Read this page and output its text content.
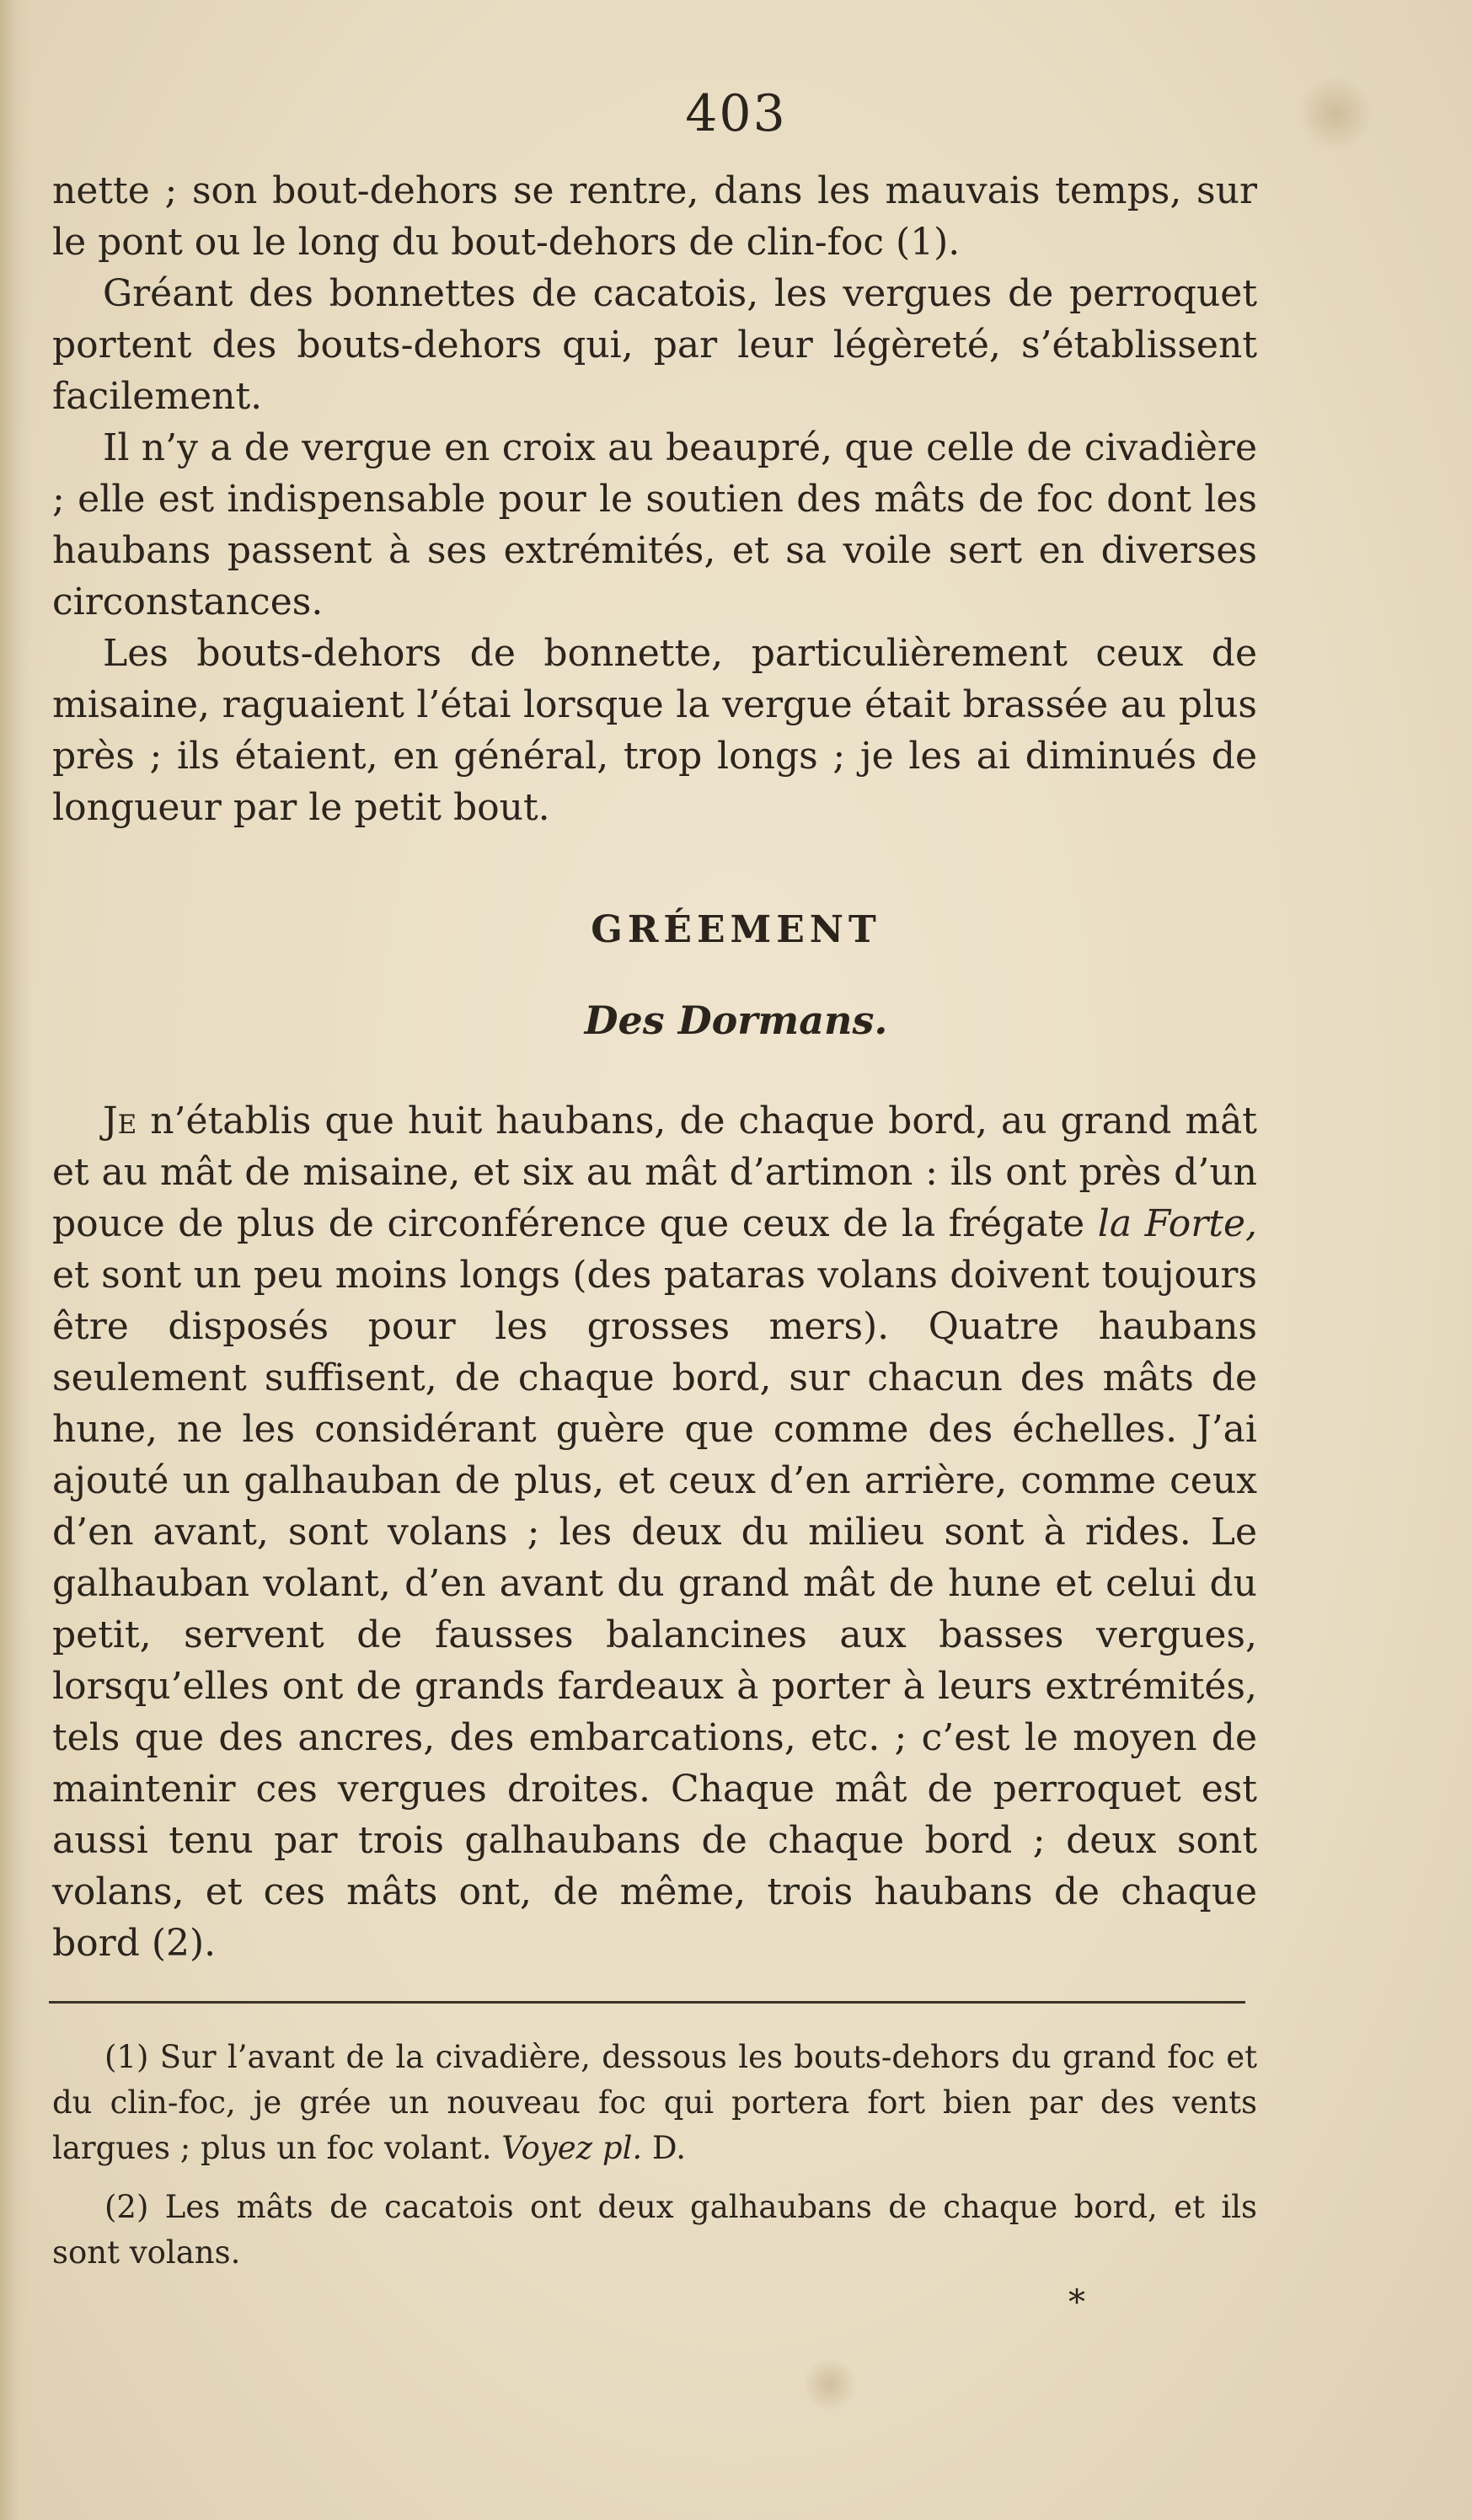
403

nette ; son bout-dehors se rentre, dans les mauvais temps, sur le pont ou le long du bout-dehors de clin-foc (1).

Gréant des bonnettes de cacatois, les vergues de perroquet portent des bouts-dehors qui, par leur légèreté, s’établissent facilement.

Il n’y a de vergue en croix au beaupré, que celle de civadière ; elle est indispensable pour le soutien des mâts de foc dont les haubans passent à ses extrémités, et sa voile sert en diverses circonstances.

Les bouts-dehors de bonnette, particulièrement ceux de misaine, raguaient l’étai lorsque la vergue était brassée au plus près ; ils étaient, en général, trop longs ; je les ai diminués de longueur par le petit bout.

GRÉEMENT
Des Dormans.

Je n’établis que huit haubans, de chaque bord, au grand mât et au mât de misaine, et six au mât d’artimon : ils ont près d’un pouce de plus de circonférence que ceux de la frégate la Forte, et sont un peu moins longs (des pataras volans doivent toujours être disposés pour les grosses mers). Quatre haubans seulement suffisent, de chaque bord, sur chacun des mâts de hune, ne les considérant guère que comme des échelles. J’ai ajouté un galhauban de plus, et ceux d’en arrière, comme ceux d’en avant, sont volans ; les deux du milieu sont à rides. Le galhauban volant, d’en avant du grand mât de hune et celui du petit, servent de fausses balancines aux basses vergues, lorsqu’elles ont de grands fardeaux à porter à leurs extrémités, tels que des ancres, des embarcations, etc. ; c’est le moyen de maintenir ces vergues droites. Chaque mât de perroquet est aussi tenu par trois galhaubans de chaque bord ; deux sont volans, et ces mâts ont, de même, trois haubans de chaque bord (2).

(1) Sur l’avant de la civadière, dessous les bouts-dehors du grand foc et du clin-foc, je grée un nouveau foc qui portera fort bien par des vents largues ; plus un foc volant. Voyez pl. D.

(2) Les mâts de cacatois ont deux galhaubans de chaque bord, et ils sont volans.

*
